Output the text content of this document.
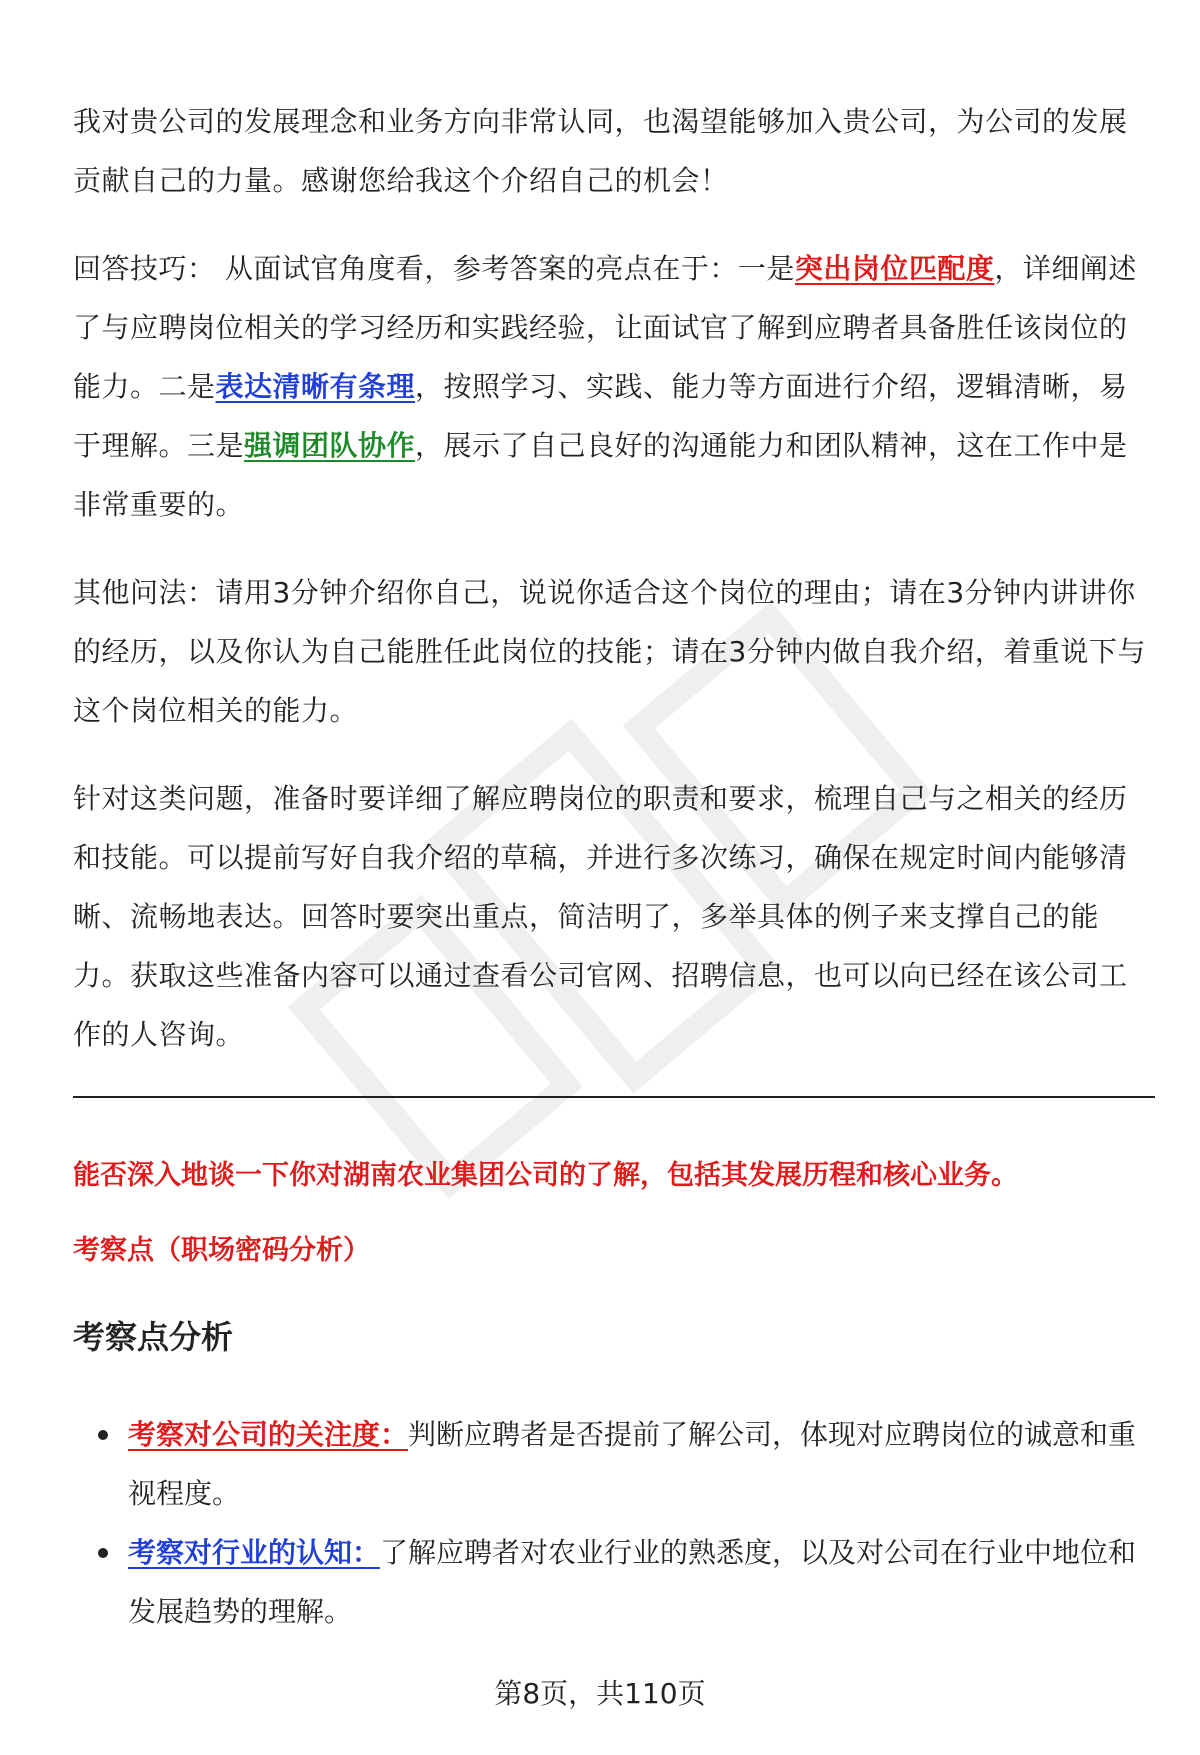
我对贵公司的发展理念和业务方向非常认同，也渴望能够加入贵公司，为公司的发展贡献自己的力量。感谢您给我这个介绍自己的机会！

回答技巧： 从面试官角度看，参考答案的亮点在于：一是突出岗位匹配度，详细阐述了与应聘岗位相关的学习经历和实践经验，让面试官了解到应聘者具备胜任该岗位的能力。二是表达清晰有条理，按照学习、实践、能力等方面进行介绍，逻辑清晰，易于理解。三是强调团队协作，展示了自己良好的沟通能力和团队精神，这在工作中是非常重要的。

其他问法：请用3分钟介绍你自己，说说你适合这个岗位的理由；请在3分钟内讲讲你的经历，以及你认为自己能胜任此岗位的技能；请在3分钟内做自我介绍，着重说下与这个岗位相关的能力。

针对这类问题，准备时要详细了解应聘岗位的职责和要求，梳理自己与之相关的经历和技能。可以提前写好自我介绍的草稿，并进行多次练习，确保在规定时间内能够清晰、流畅地表达。回答时要突出重点，简洁明了，多举具体的例子来支撑自己的能力。获取这些准备内容可以通过查看公司官网、招聘信息，也可以向已经在该公司工作的人咨询。

能否深入地谈一下你对湖南农业集团公司的了解，包括其发展历程和核心业务。
考察点（职场密码分析）
考察点分析
考察对公司的关注度：判断应聘者是否提前了解公司，体现对应聘岗位的诚意和重视程度。
考察对行业的认知：了解应聘者对农业行业的熟悉度，以及对公司在行业中地位和发展趋势的理解。
第8页，共110页
